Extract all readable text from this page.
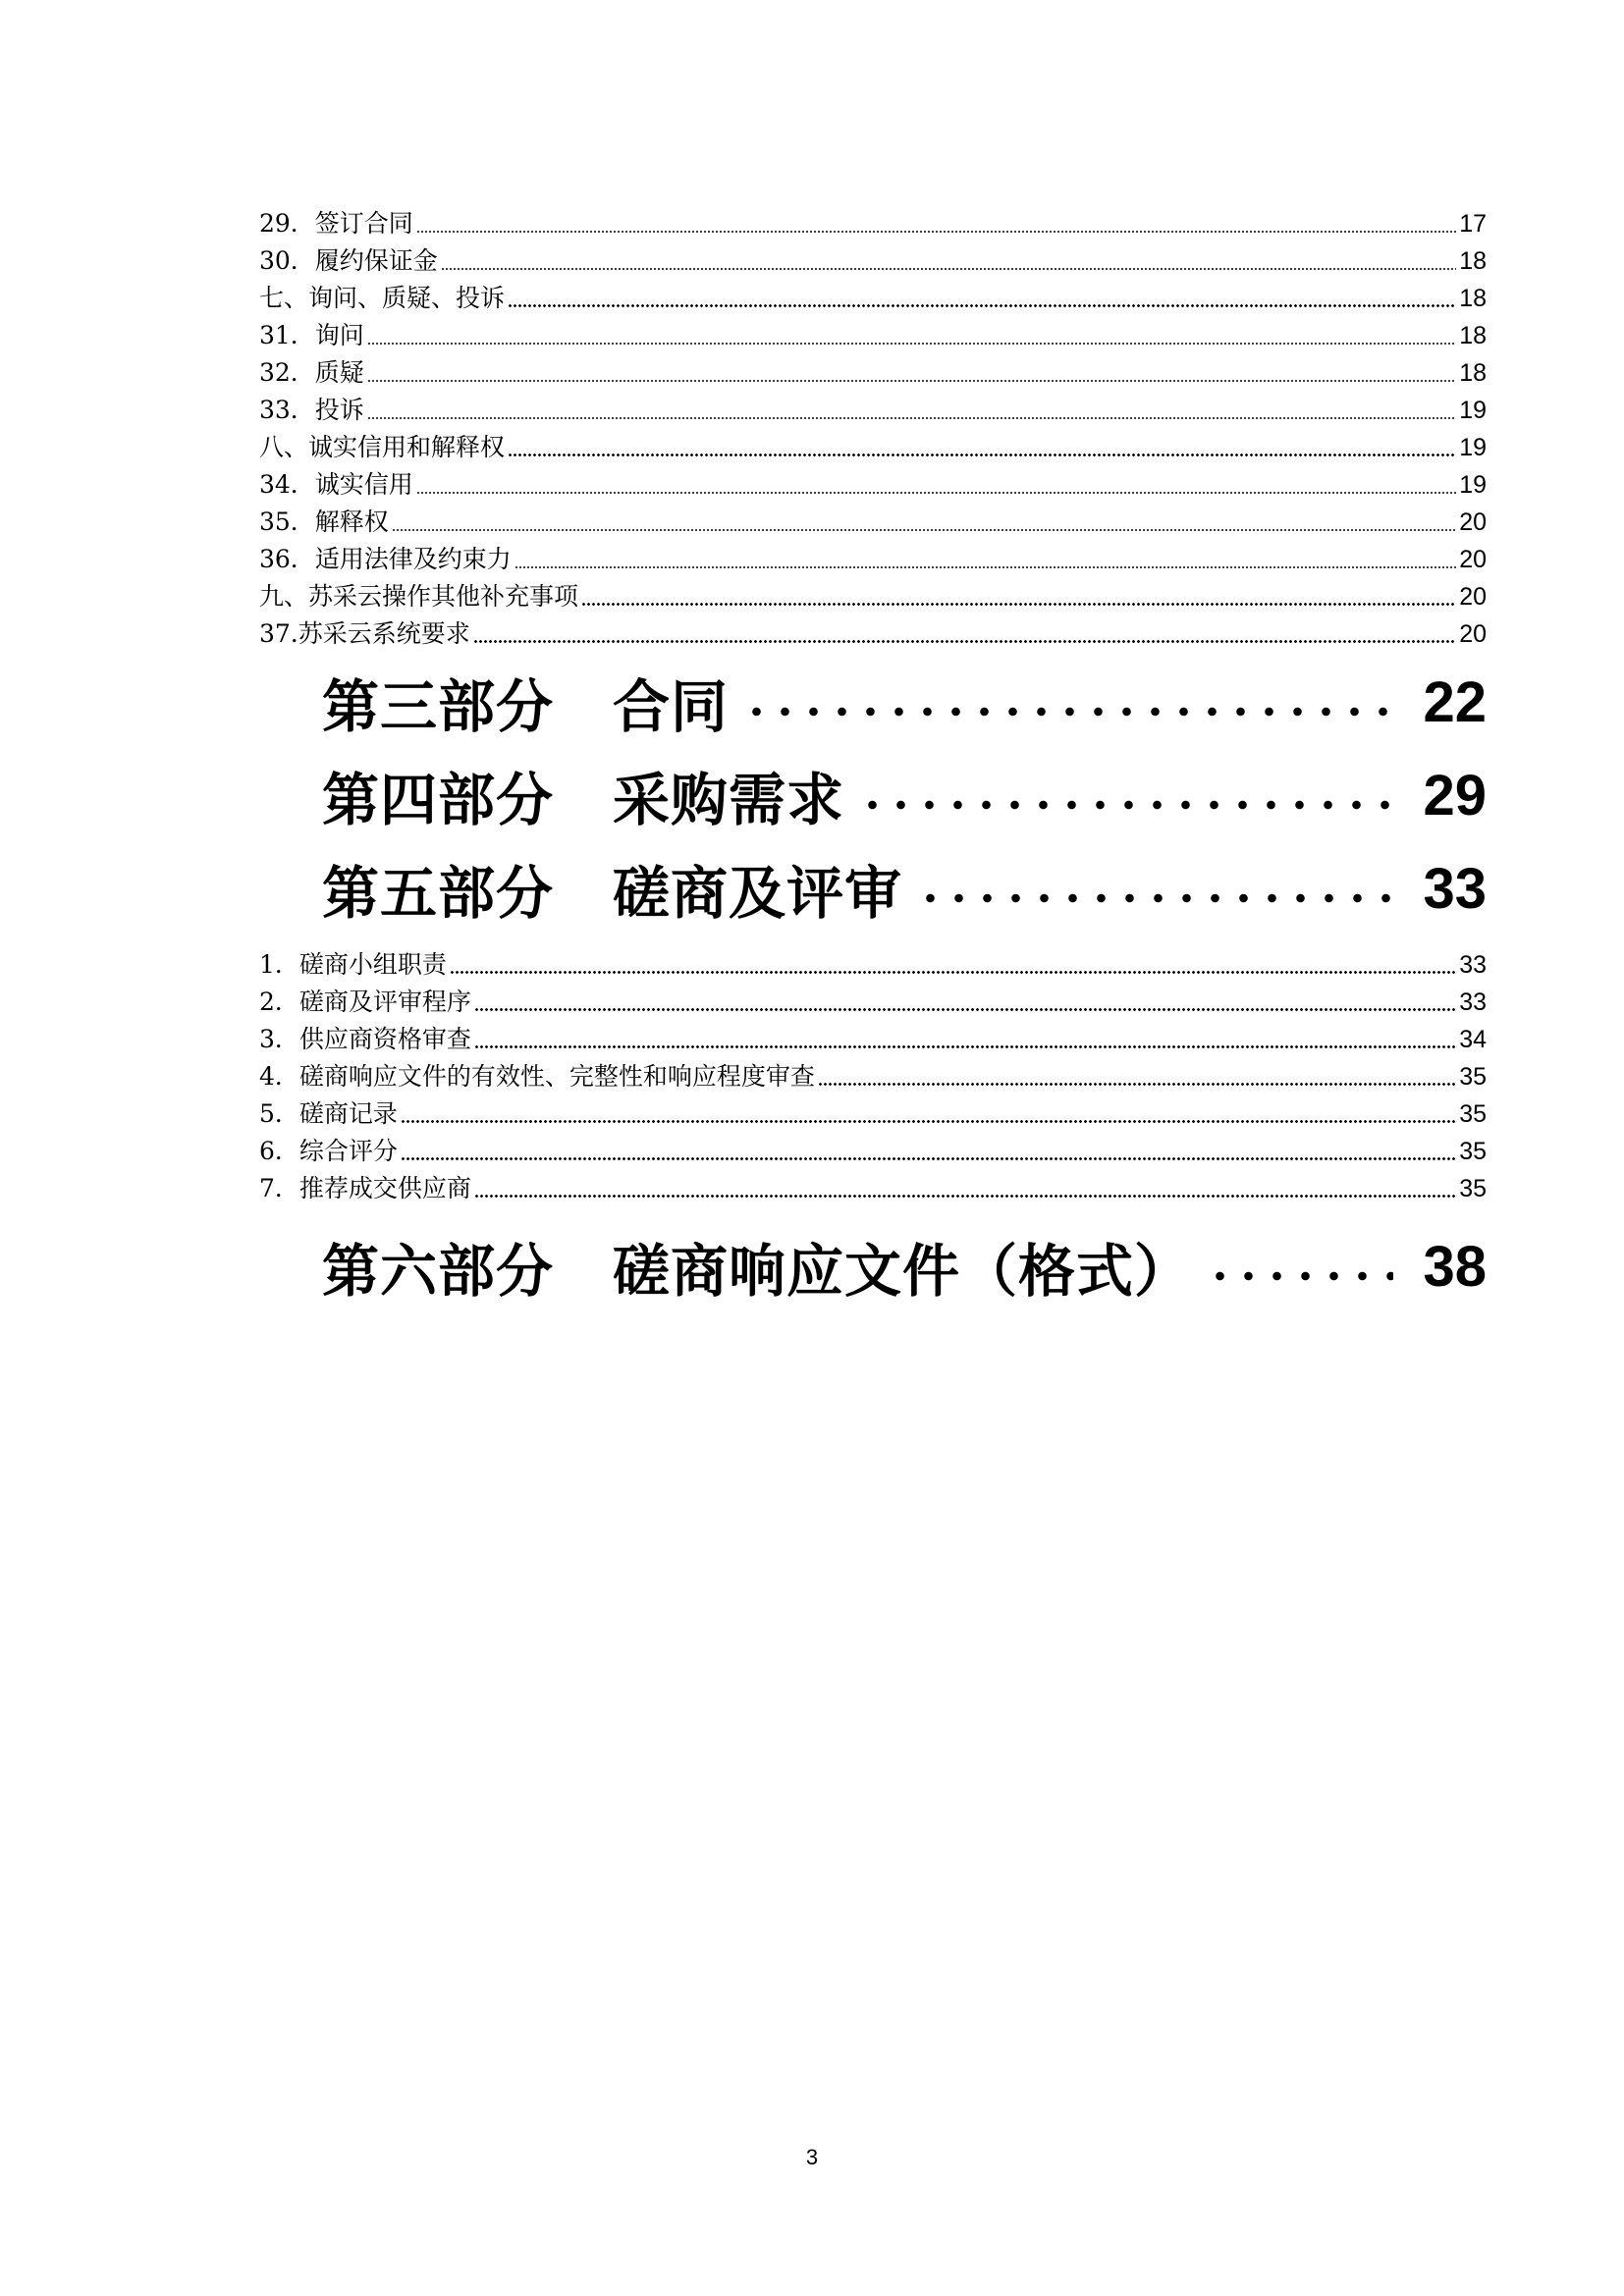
29．签订合同	17
30．履约保证金	18
七、询问、质疑、投诉	18
31．询问	18
32．质疑	18
33．投诉	19
八、诚实信用和解释权	19
34．诚实信用	19
35．解释权	20
36．适用法律及约束力	20
九、苏采云操作其他补充事项	20
37.苏采云系统要求	20
第三部分 合同	22
第四部分 采购需求	29
第五部分 磋商及评审	33
1．磋商小组职责	33
2．磋商及评审程序	33
3．供应商资格审查	34
4．磋商响应文件的有效性、完整性和响应程度审查	35
5．磋商记录	35
6．综合评分	35
7．推荐成交供应商	35
第六部分 磋商响应文件（格式）	38
3
